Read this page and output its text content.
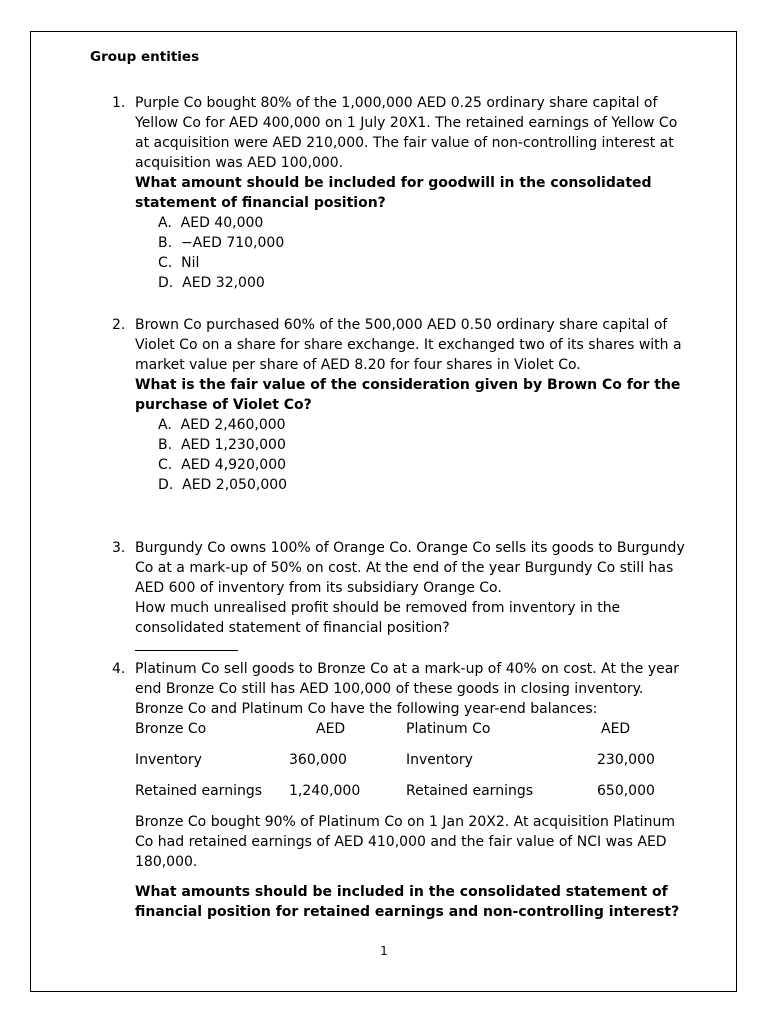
Group entities
1. Purple Co bought 80% of the 1,000,000 AED 0.25 ordinary share capital of Yellow Co for AED 400,000 on 1 July 20X1. The retained earnings of Yellow Co at acquisition were AED 210,000. The fair value of non-controlling interest at acquisition was AED 100,000.
What amount should be included for goodwill in the consolidated statement of financial position?
A.  AED 40,000
B.  −AED 710,000
C.  Nil
D.  AED 32,000
2. Brown Co purchased 60% of the 500,000 AED 0.50 ordinary share capital of Violet Co on a share for share exchange. It exchanged two of its shares with a market value per share of AED 8.20 for four shares in Violet Co.
What is the fair value of the consideration given by Brown Co for the purchase of Violet Co?
A.  AED 2,460,000
B.  AED 1,230,000
C.  AED 4,920,000
D.  AED 2,050,000
3. Burgundy Co owns 100% of Orange Co. Orange Co sells its goods to Burgundy Co at a mark-up of 50% on cost. At the end of the year Burgundy Co still has AED 600 of inventory from its subsidiary Orange Co.
How much unrealised profit should be removed from inventory in the consolidated statement of financial position?
4. Platinum Co sell goods to Bronze Co at a mark-up of 40% on cost. At the year end Bronze Co still has AED 100,000 of these goods in closing inventory. Bronze Co and Platinum Co have the following year-end balances:
Bronze Co	AED	Platinum Co	AED
Inventory	360,000	Inventory	230,000
Retained earnings	1,240,000	Retained earnings	650,000
Bronze Co bought 90% of Platinum Co on 1 Jan 20X2. At acquisition Platinum Co had retained earnings of AED 410,000 and the fair value of NCI was AED 180,000.
What amounts should be included in the consolidated statement of financial position for retained earnings and non-controlling interest?
1
